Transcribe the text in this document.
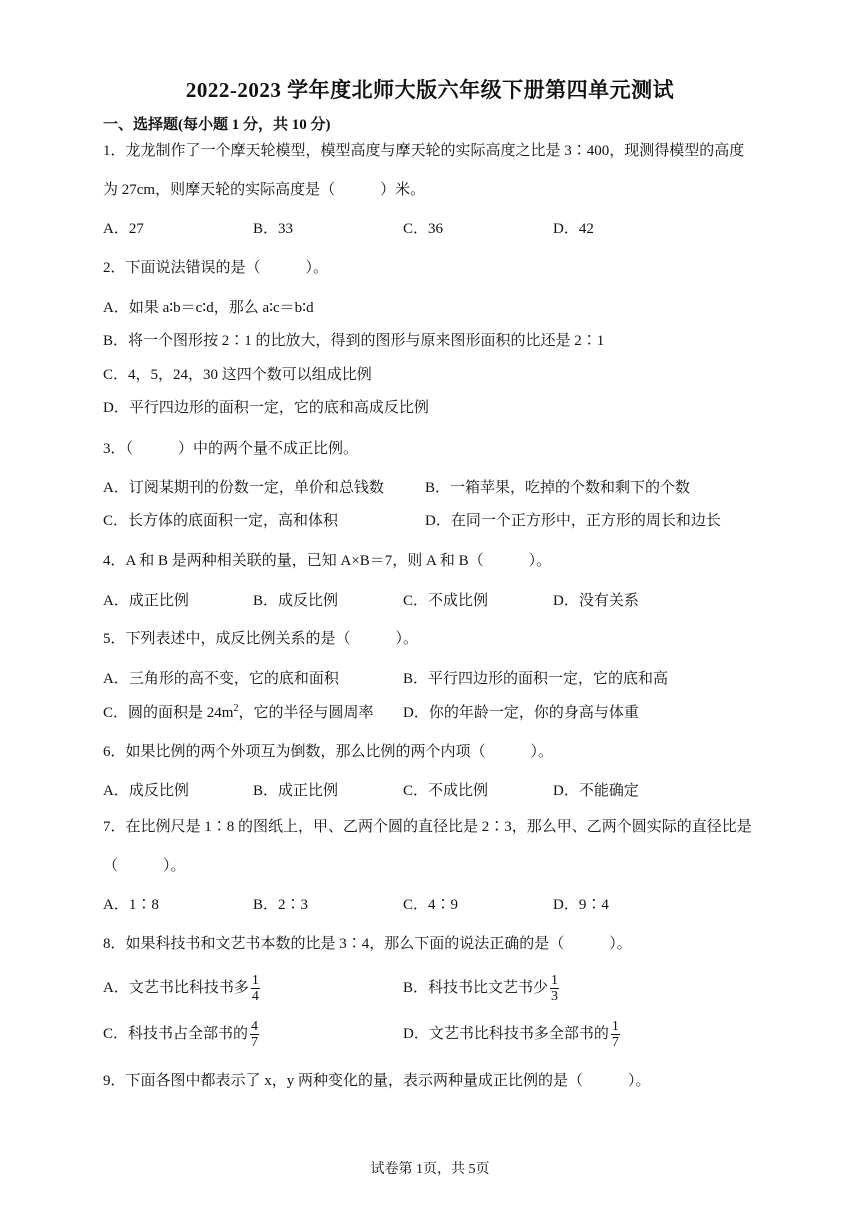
2022-2023 学年度北师大版六年级下册第四单元测试
一、选择题(每小题 1 分，共 10 分)
1．龙龙制作了一个摩天轮模型，模型高度与摩天轮的实际高度之比是 3∶400，现测得模型的高度
为 27cm，则摩天轮的实际高度是（　　　）米。
A．27	B．33	C．36	D．42
2．下面说法错误的是（　　　）。
A．如果 a∶b＝c∶d，那么 a∶c＝b∶d
B．将一个图形按 2∶1 的比放大，得到的图形与原来图形面积的比还是 2∶1
C．4，5，24，30 这四个数可以组成比例
D．平行四边形的面积一定，它的底和高成反比例
3．（　　　）中的两个量不成正比例。
A．订阅某期刊的份数一定，单价和总钱数	B．一箱苹果，吃掉的个数和剩下的个数
C．长方体的底面积一定，高和体积	D．在同一个正方形中，正方形的周长和边长
4．A 和 B 是两种相关联的量，已知 A×B＝7，则 A 和 B（　　　）。
A．成正比例	B．成反比例	C．不成比例	D．没有关系
5．下列表述中，成反比例关系的是（　　　）。
A．三角形的高不变，它的底和面积	B．平行四边形的面积一定，它的底和高
C．圆的面积是 $24m^2$，它的半径与圆周率 D．你的年龄一定，你的身高与体重
6．如果比例的两个外项互为倒数，那么比例的两个内项（　　　）。
A．成反比例	B．成正比例	C．不成比例	D．不能确定
7．在比例尺是 1∶8 的图纸上，甲、乙两个圆的直径比是 2∶3，那么甲、乙两个圆实际的直径比是
（　　　）。
A．1∶8	B．2∶3	C．4∶9	D．9∶4
8．如果科技书和文艺书本数的比是 3∶4，那么下面的说法正确的是（　　　）。
A．文艺书比科技书多 $\frac{1}{4}$	B．科技书比文艺书少 $\frac{1}{3}$
C．科技书占全部书的 $\frac{4}{7}$	D．文艺书比科技书多全部书的 $\frac{1}{7}$
9．下面各图中都表示了 x，y 两种变化的量，表示两种量成正比例的是（　　　）。
试卷第 1页，共 5页
